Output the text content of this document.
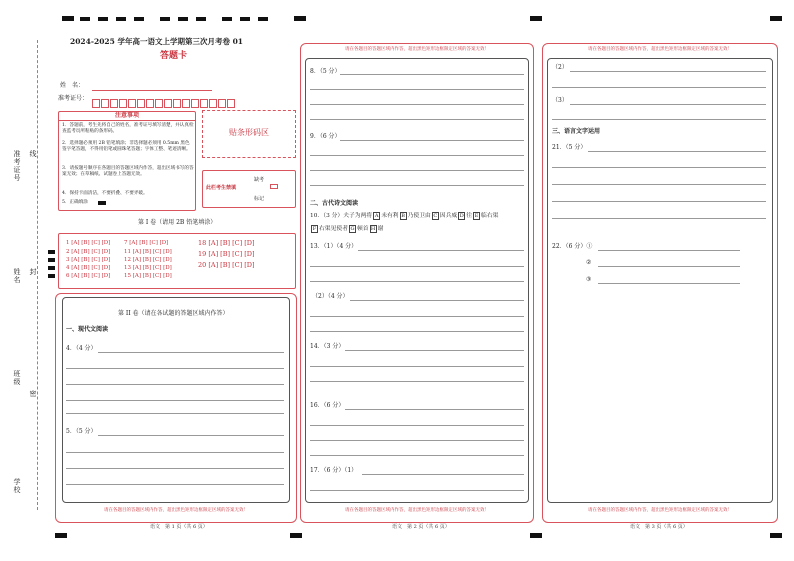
准考证号 线
姓名 封
班级
密
学校
2024-2025 学年高一语文上学期第三次月考卷 01
答题卡
姓　名：
准考证号：
注意事项
1．答题前，考生先将自己的姓名，准考证号填写清楚，并认真检查监考员所粘贴的条形码。
2．选择题必须用 2B 铅笔填涂；非选择题必须用 0.5mm 黑色签字笔答题，不得用铅笔或圆珠笔答题；字体工整、笔迹清晰。
3．请按题号顺序在各题目的答题区域内作答，超出区域书写的答案无效；在草稿纸、试题卷上答题无效。
4．保持卡面清洁，不要折叠、不要弄破。
5．正确填涂
贴条形码区
此栏考生禁填
缺考
标记
第 I 卷（请用 2B 铅笔填涂）
1 [A] [B] [C] [D]
2 [A] [B] [C] [D]
3 [A] [B] [C] [D]
4 [A] [B] [C] [D]
6 [A] [B] [C] [D]
7 [A] [B] [C] [D]
11 [A] [B] [C] [D]
12 [A] [B] [C] [D]
13 [A] [B] [C] [D]
15 [A] [B] [C] [D]
18 [A] [B] [C] [D]
19 [A] [B] [C] [D]
20 [A] [B] [C] [D]
第 II 卷（请在各试题的答题区域内作答）
一、现代文阅读
4．（4 分）
5．（5 分）
请在各题目的答题区域内作答，超出黑色矩形边框限定区域的答案无效！
语文　第 1 页（共 6 页）
请在各题目的答题区域内作答，超出黑色矩形边框限定区域的答案无效！
8．（5 分）
9．（6 分）
二、古代诗文阅读
10．（3 分）夫子为两将 A 未有利 B 乃使卫由 C 因兵威 D 往 E 临右渠
F 右渠见使者 G 顿首 H 谢
13．（1）（4 分）
（2）（4 分）
14．（3 分）
16．（6 分）
17．（6 分）（1）
请在各题目的答题区域内作答，超出黑色矩形边框限定区域的答案无效！
语文　第 2 页（共 6 页）
请在各题目的答题区域内作答，超出黑色矩形边框限定区域的答案无效！
（2）
（3）
三、语言文字运用
21．（5 分）
22．（6 分）①
②
③
请在各题目的答题区域内作答，超出黑色矩形边框限定区域的答案无效！
语文　第 3 页（共 6 页）
